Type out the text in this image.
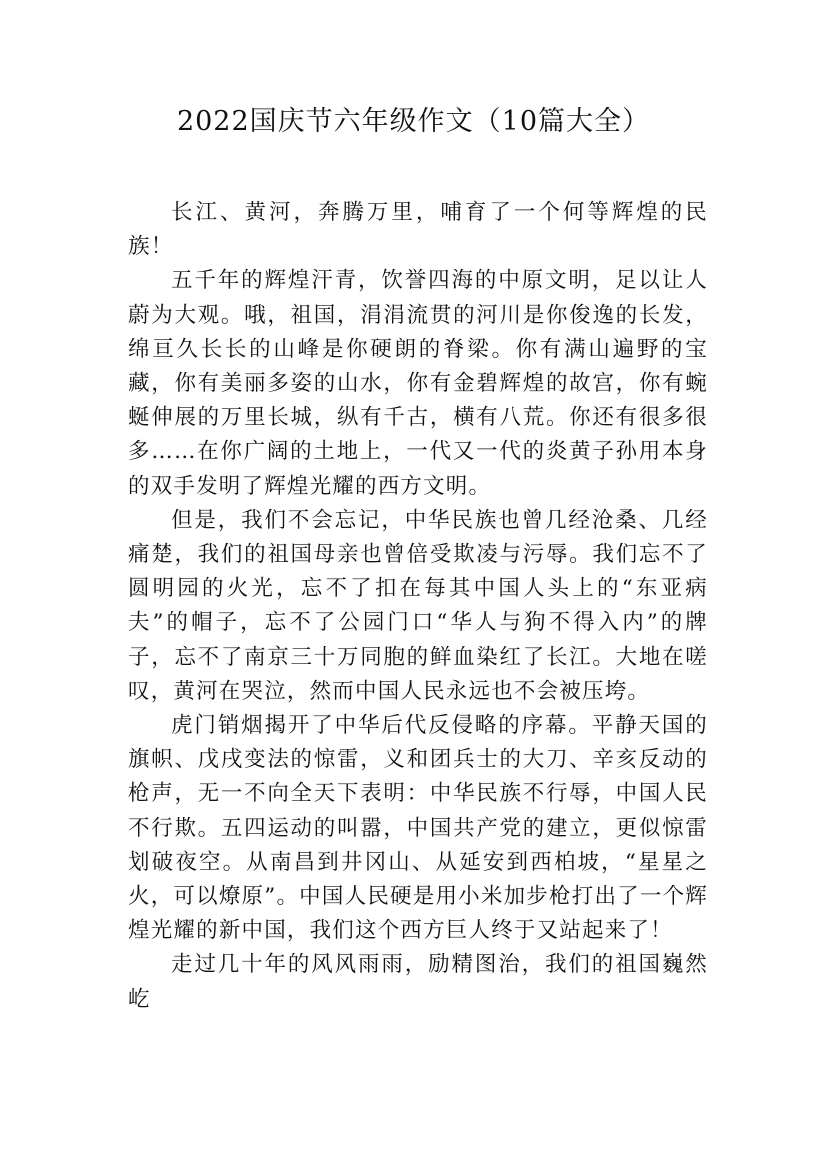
2022国庆节六年级作文（10篇大全）

长江、黄河，奔腾万里，哺育了一个何等辉煌的民族！

五千年的辉煌汗青，饮誉四海的中原文明，足以让人蔚为大观。哦，祖国，涓涓流贯的河川是你俊逸的长发，绵亘久长长的山峰是你硬朗的脊梁。你有满山遍野的宝藏，你有美丽多姿的山水，你有金碧辉煌的故宫，你有蜿蜒伸展的万里长城，纵有千古，横有八荒。你还有很多很多……在你广阔的土地上，一代又一代的炎黄子孙用本身的双手发明了辉煌光耀的西方文明。

但是，我们不会忘记，中华民族也曾几经沧桑、几经痛楚，我们的祖国母亲也曾倍受欺凌与污辱。我们忘不了圆明园的火光，忘不了扣在每其中国人头上的“东亚病夫”的帽子，忘不了公园门口“华人与狗不得入内”的牌子，忘不了南京三十万同胞的鲜血染红了长江。大地在嗟叹，黄河在哭泣，然而中国人民永远也不会被压垮。

虎门销烟揭开了中华后代反侵略的序幕。平静天国的旗帜、戊戌变法的惊雷，义和团兵士的大刀、辛亥反动的枪声，无一不向全天下表明：中华民族不行辱，中国人民不行欺。五四运动的叫嚣，中国共产党的建立，更似惊雷划破夜空。从南昌到井冈山、从延安到西柏坡，“星星之火，可以燎原”。中国人民硬是用小米加步枪打出了一个辉煌光耀的新中国，我们这个西方巨人终于又站起来了！

走过几十年的风风雨雨，励精图治，我们的祖国巍然屹
